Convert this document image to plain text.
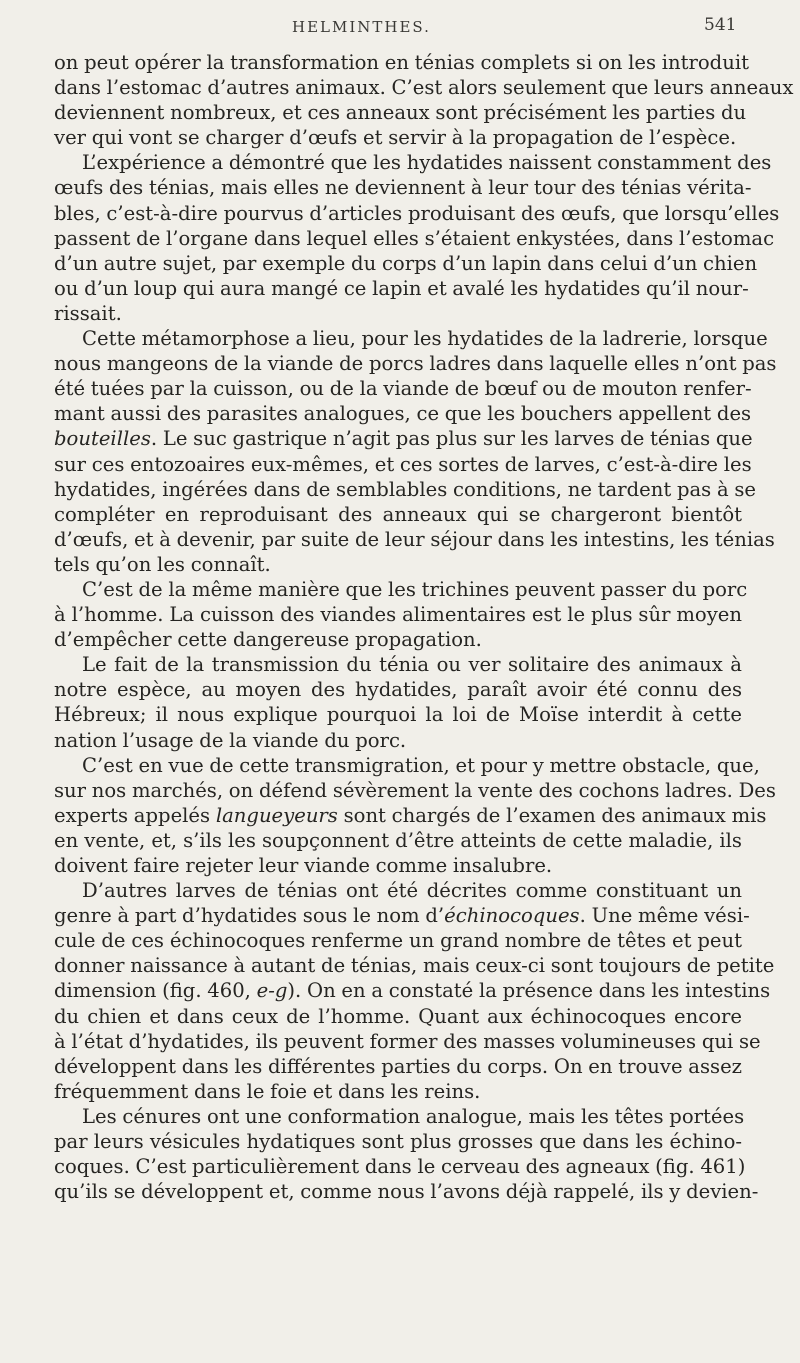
HELMINTHES.	541
on peut opérer la transformation en ténias complets si on les introduit
dans l’estomac d’autres animaux. C’est alors seulement que leurs anneaux
deviennent nombreux, et ces anneaux sont précisément les parties du
ver qui vont se charger d’œufs et servir à la propagation de l’espèce.
L’expérience a démontré que les hydatides naissent constamment des
œufs des ténias, mais elles ne deviennent à leur tour des ténias vérita-
bles, c’est-à-dire pourvus d’articles produisant des œufs, que lorsqu’elles
passent de l’organe dans lequel elles s’étaient enkystées, dans l’estomac
d’un autre sujet, par exemple du corps d’un lapin dans celui d’un chien
ou d’un loup qui aura mangé ce lapin et avalé les hydatides qu’il nour-
rissait.
Cette métamorphose a lieu, pour les hydatides de la ladrerie, lorsque
nous mangeons de la viande de porcs ladres dans laquelle elles n’ont pas
été tuées par la cuisson, ou de la viande de bœuf ou de mouton renfer-
mant aussi des parasites analogues, ce que les bouchers appellent des
bouteilles. Le suc gastrique n’agit pas plus sur les larves de ténias que
sur ces entozoaires eux-mêmes, et ces sortes de larves, c’est-à-dire les
hydatides, ingérées dans de semblables conditions, ne tardent pas à se
compléter en reproduisant des anneaux qui se chargeront bientôt
d’œufs, et à devenir, par suite de leur séjour dans les intestins, les ténias
tels qu’on les connaît.
C’est de la même manière que les trichines peuvent passer du porc
à l’homme. La cuisson des viandes alimentaires est le plus sûr moyen
d’empêcher cette dangereuse propagation.
Le fait de la transmission du ténia ou ver solitaire des animaux à
notre espèce, au moyen des hydatides, paraît avoir été connu des
Hébreux; il nous explique pourquoi la loi de Moïse interdit à cette
nation l’usage de la viande du porc.
C’est en vue de cette transmigration, et pour y mettre obstacle, que,
sur nos marchés, on défend sévèrement la vente des cochons ladres. Des
experts appelés langueyeurs sont chargés de l’examen des animaux mis
en vente, et, s’ils les soupçonnent d’être atteints de cette maladie, ils
doivent faire rejeter leur viande comme insalubre.
D’autres larves de ténias ont été décrites comme constituant un
genre à part d’hydatides sous le nom d’échinocoques. Une même vési-
cule de ces échinocoques renferme un grand nombre de têtes et peut
donner naissance à autant de ténias, mais ceux-ci sont toujours de petite
dimension (fig. 460, e-g). On en a constaté la présence dans les intestins
du chien et dans ceux de l’homme. Quant aux échinocoques encore
à l’état d’hydatides, ils peuvent former des masses volumineuses qui se
développent dans les différentes parties du corps. On en trouve assez
fréquemment dans le foie et dans les reins.
Les cénures ont une conformation analogue, mais les têtes portées
par leurs vésicules hydatiques sont plus grosses que dans les échino-
coques. C’est particulièrement dans le cerveau des agneaux (fig. 461)
qu’ils se développent et, comme nous l’avons déjà rappelé, ils y devien-
